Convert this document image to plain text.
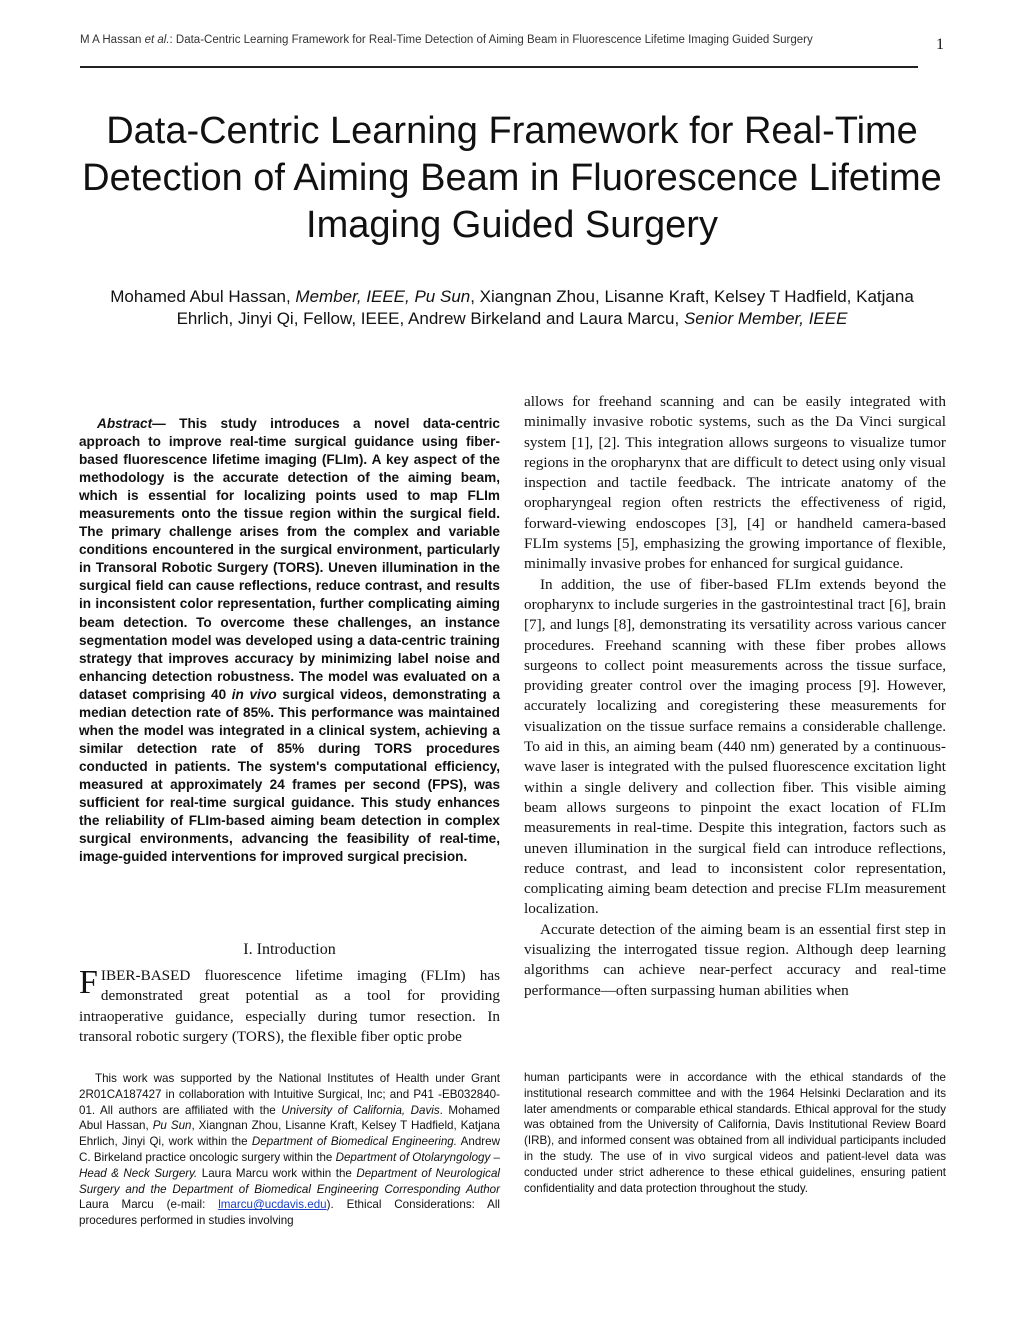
M A Hassan et al.: Data-Centric Learning Framework for Real-Time Detection of Aiming Beam in Fluorescence Lifetime Imaging Guided Surgery	1
Data-Centric Learning Framework for Real-Time Detection of Aiming Beam in Fluorescence Lifetime Imaging Guided Surgery
Mohamed Abul Hassan, Member, IEEE, Pu Sun, Xiangnan Zhou, Lisanne Kraft, Kelsey T Hadfield, Katjana Ehrlich, Jinyi Qi, Fellow, IEEE, Andrew Birkeland and Laura Marcu, Senior Member, IEEE

Abstract— This study introduces a novel data-centric approach to improve real-time surgical guidance using fiber-based fluorescence lifetime imaging (FLIm). A key aspect of the methodology is the accurate detection of the aiming beam, which is essential for localizing points used to map FLIm measurements onto the tissue region within the surgical field. The primary challenge arises from the complex and variable conditions encountered in the surgical environment, particularly in Transoral Robotic Surgery (TORS). Uneven illumination in the surgical field can cause reflections, reduce contrast, and results in inconsistent color representation, further complicating aiming beam detection. To overcome these challenges, an instance segmentation model was developed using a data-centric training strategy that improves accuracy by minimizing label noise and enhancing detection robustness. The model was evaluated on a dataset comprising 40 in vivo surgical videos, demonstrating a median detection rate of 85%. This performance was maintained when the model was integrated in a clinical system, achieving a similar detection rate of 85% during TORS procedures conducted in patients. The system's computational efficiency, measured at approximately 24 frames per second (FPS), was sufficient for real-time surgical guidance. This study enhances the reliability of FLIm-based aiming beam detection in complex surgical environments, advancing the feasibility of real-time, image-guided interventions for improved surgical precision.

I. Introduction

FIBER-BASED fluorescence lifetime imaging (FLIm) has demonstrated great potential as a tool for providing intraoperative guidance, especially during tumor resection. In transoral robotic surgery (TORS), the flexible fiber optic probe

allows for freehand scanning and can be easily integrated with minimally invasive robotic systems, such as the Da Vinci surgical system [1], [2]. This integration allows surgeons to visualize tumor regions in the oropharynx that are difficult to detect using only visual inspection and tactile feedback. The intricate anatomy of the oropharyngeal region often restricts the effectiveness of rigid, forward-viewing endoscopes [3], [4] or handheld camera-based FLIm systems [5], emphasizing the growing importance of flexible, minimally invasive probes for enhanced for surgical guidance.

In addition, the use of fiber-based FLIm extends beyond the oropharynx to include surgeries in the gastrointestinal tract [6], brain [7], and lungs [8], demonstrating its versatility across various cancer procedures. Freehand scanning with these fiber probes allows surgeons to collect point measurements across the tissue surface, providing greater control over the imaging process [9]. However, accurately localizing and coregistering these measurements for visualization on the tissue surface remains a considerable challenge. To aid in this, an aiming beam (440 nm) generated by a continuous-wave laser is integrated with the pulsed fluorescence excitation light within a single delivery and collection fiber. This visible aiming beam allows surgeons to pinpoint the exact location of FLIm measurements in real-time. Despite this integration, factors such as uneven illumination in the surgical field can introduce reflections, reduce contrast, and lead to inconsistent color representation, complicating aiming beam detection and precise FLIm measurement localization.

Accurate detection of the aiming beam is an essential first step in visualizing the interrogated tissue region. Although deep learning algorithms can achieve near-perfect accuracy and real-time performance—often surpassing human abilities when

This work was supported by the National Institutes of Health under Grant 2R01CA187427 in collaboration with Intuitive Surgical, Inc; and P41 -EB032840-01. All authors are affiliated with the University of California, Davis. Mohamed Abul Hassan, Pu Sun, Xiangnan Zhou, Lisanne Kraft, Kelsey T Hadfield, Katjana Ehrlich, Jinyi Qi, work within the Department of Biomedical Engineering. Andrew C. Birkeland practice oncologic surgery within the Department of Otolaryngology – Head & Neck Surgery. Laura Marcu work within the Department of Neurological Surgery and the Department of Biomedical Engineering Corresponding Author Laura Marcu (e-mail: lmarcu@ucdavis.edu). Ethical Considerations: All procedures performed in studies involving

human participants were in accordance with the ethical standards of the institutional research committee and with the 1964 Helsinki Declaration and its later amendments or comparable ethical standards. Ethical approval for the study was obtained from the University of California, Davis Institutional Review Board (IRB), and informed consent was obtained from all individual participants included in the study. The use of in vivo surgical videos and patient-level data was conducted under strict adherence to these ethical guidelines, ensuring patient confidentiality and data protection throughout the study.
